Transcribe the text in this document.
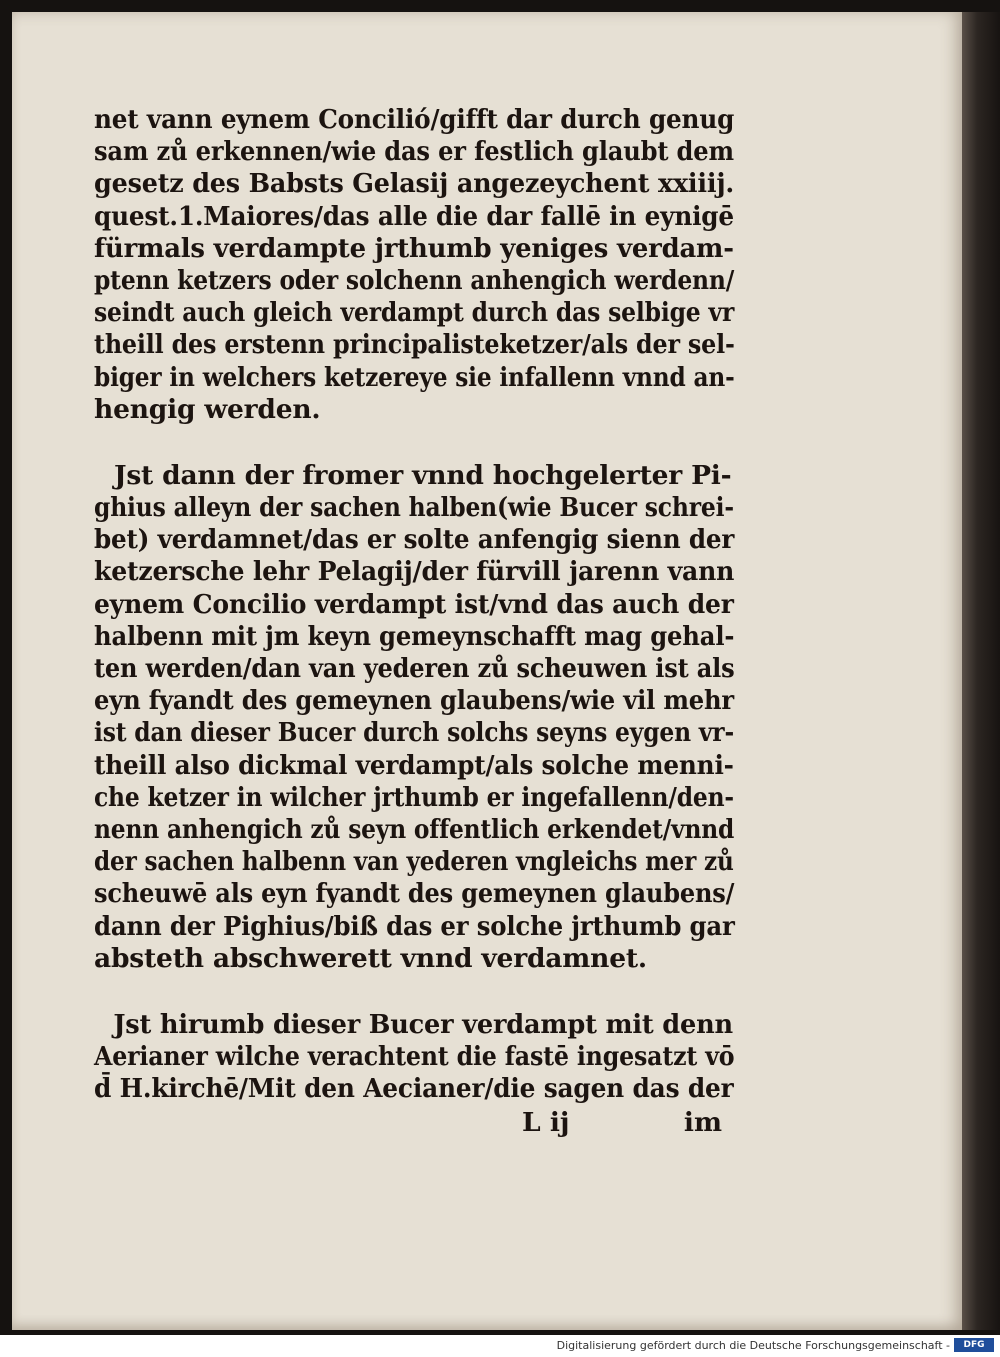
net vann eynem Concilió/gifft dar durch genug
sam zů erkennen/wie das er festlich glaubt dem
gesetz des Babsts Gelasij angezeychent xxiiij.
quest.1.Maiores/das alle die dar fallē in eynigē
fürmals verdampte jrthumb yeniges verdam-
ptenn ketzers oder solchenn anhengich werdenn/
seindt auch gleich verdampt durch das selbige vr
theill des erstenn principalisteketzer/als der sel-
biger in welchers ketzereye sie infallenn vnnd an-
hengig werden.
Jst dann der fromer vnnd hochgelerter Pi-
ghius alleyn der sachen halben(wie Bucer schrei-
bet) verdamnet/das er solte anfengig sienn der
ketzersche lehr Pelagij/der fürvill jarenn vann
eynem Concilio verdampt ist/vnd das auch der
halbenn mit jm keyn gemeynschafft mag gehal-
ten werden/dan van yederen zů scheuwen ist als
eyn fyandt des gemeynen glaubens/wie vil mehr
ist dan dieser Bucer durch solchs seyns eygen vr-
theill also dickmal verdampt/als solche menni-
che ketzer in wilcher jrthumb er ingefallenn/den-
nenn anhengich zů seyn offentlich erkendet/vnnd
der sachen halbenn van yederen vngleichs mer zů
scheuwē als eyn fyandt des gemeynen glaubens/
dann der Pighius/biß das er solche jrthumb gar
absteth abschwerett vnnd verdamnet.
Jst hirumb dieser Bucer verdampt mit denn
Aerianer wilche verachtent die fastē ingesatzt vō
d̄ H.kirchē/Mit den Aecianer/die sagen das der
L ij	im
Digitalisierung gefördert durch die Deutsche Forschungsgemeinschaft -	DFG
